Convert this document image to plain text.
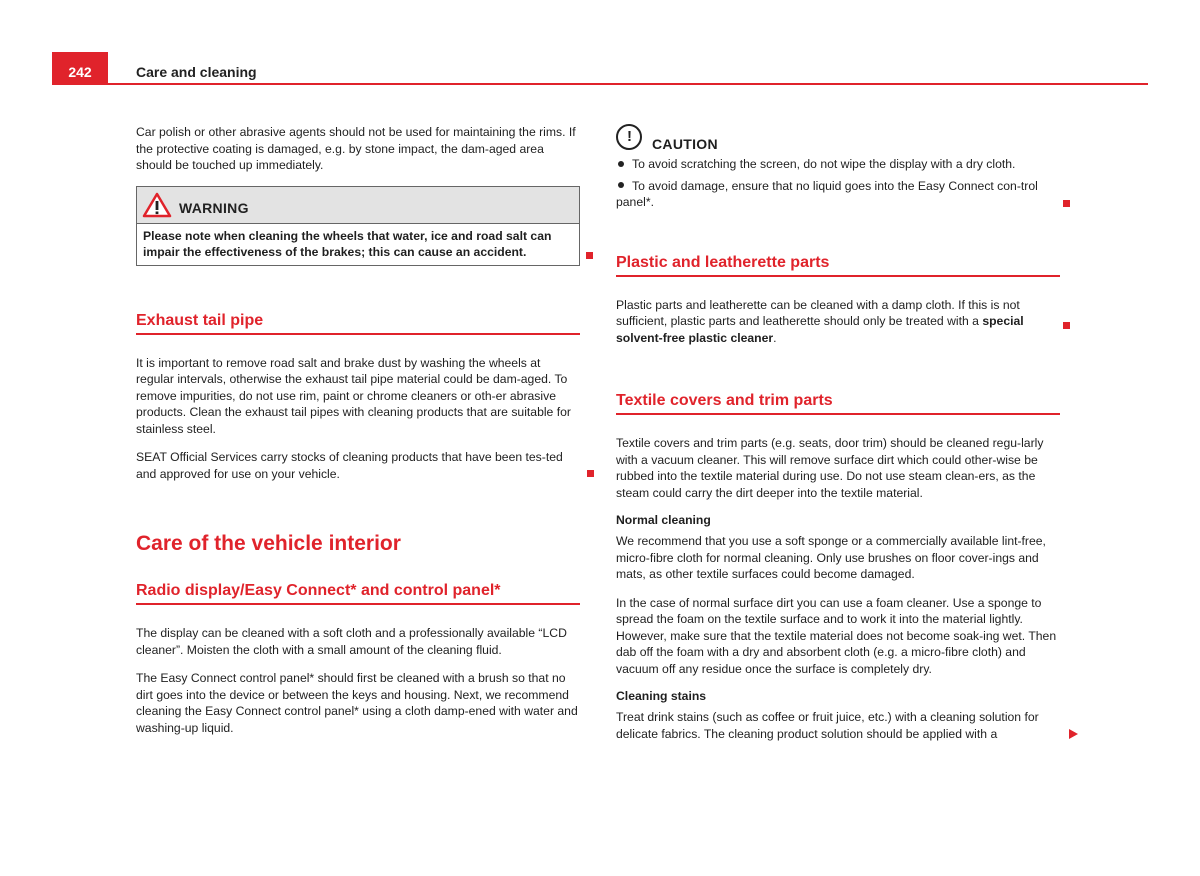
242	Care and cleaning

Car polish or other abrasive agents should not be used for maintaining the rims. If the protective coating is damaged, e.g. by stone impact, the dam-aged area should be touched up immediately.

WARNING
Please note when cleaning the wheels that water, ice and road salt can impair the effectiveness of the brakes; this can cause an accident.
Exhaust tail pipe

It is important to remove road salt and brake dust by washing the wheels at regular intervals, otherwise the exhaust tail pipe material could be dam-aged. To remove impurities, do not use rim, paint or chrome cleaners or oth-er abrasive products. Clean the exhaust tail pipes with cleaning products that are suitable for stainless steel.

SEAT Official Services carry stocks of cleaning products that have been tes-ted and approved for use on your vehicle.

Care of the vehicle interior
Radio display/Easy Connect* and control panel*

The display can be cleaned with a soft cloth and a professionally available “LCD cleaner”. Moisten the cloth with a small amount of the cleaning fluid.

The Easy Connect control panel* should first be cleaned with a brush so that no dirt goes into the device or between the keys and housing. Next, we recommend cleaning the Easy Connect control panel* using a cloth damp-ened with water and washing-up liquid.

! CAUTION
To avoid scratching the screen, do not wipe the display with a dry cloth.
To avoid damage, ensure that no liquid goes into the Easy Connect con-trol panel*.
Plastic and leatherette parts

Plastic parts and leatherette can be cleaned with a damp cloth. If this is not sufficient, plastic parts and leatherette should only be treated with a special solvent-free plastic cleaner.

Textile covers and trim parts

Textile covers and trim parts (e.g. seats, door trim) should be cleaned regu-larly with a vacuum cleaner. This will remove surface dirt which could other-wise be rubbed into the textile material during use. Do not use steam clean-ers, as the steam could carry the dirt deeper into the textile material.

Normal cleaning

We recommend that you use a soft sponge or a commercially available lint-free, micro-fibre cloth for normal cleaning. Only use brushes on floor cover-ings and mats, as other textile surfaces could become damaged.

In the case of normal surface dirt you can use a foam cleaner. Use a sponge to spread the foam on the textile surface and to work it into the material lightly. However, make sure that the textile material does not become soak-ing wet. Then dab off the foam with a dry and absorbent cloth (e.g. a micro-fibre cloth) and vacuum off any residue once the surface is completely dry.

Cleaning stains

Treat drink stains (such as coffee or fruit juice, etc.) with a cleaning solution for delicate fabrics. The cleaning product solution should be applied with a
